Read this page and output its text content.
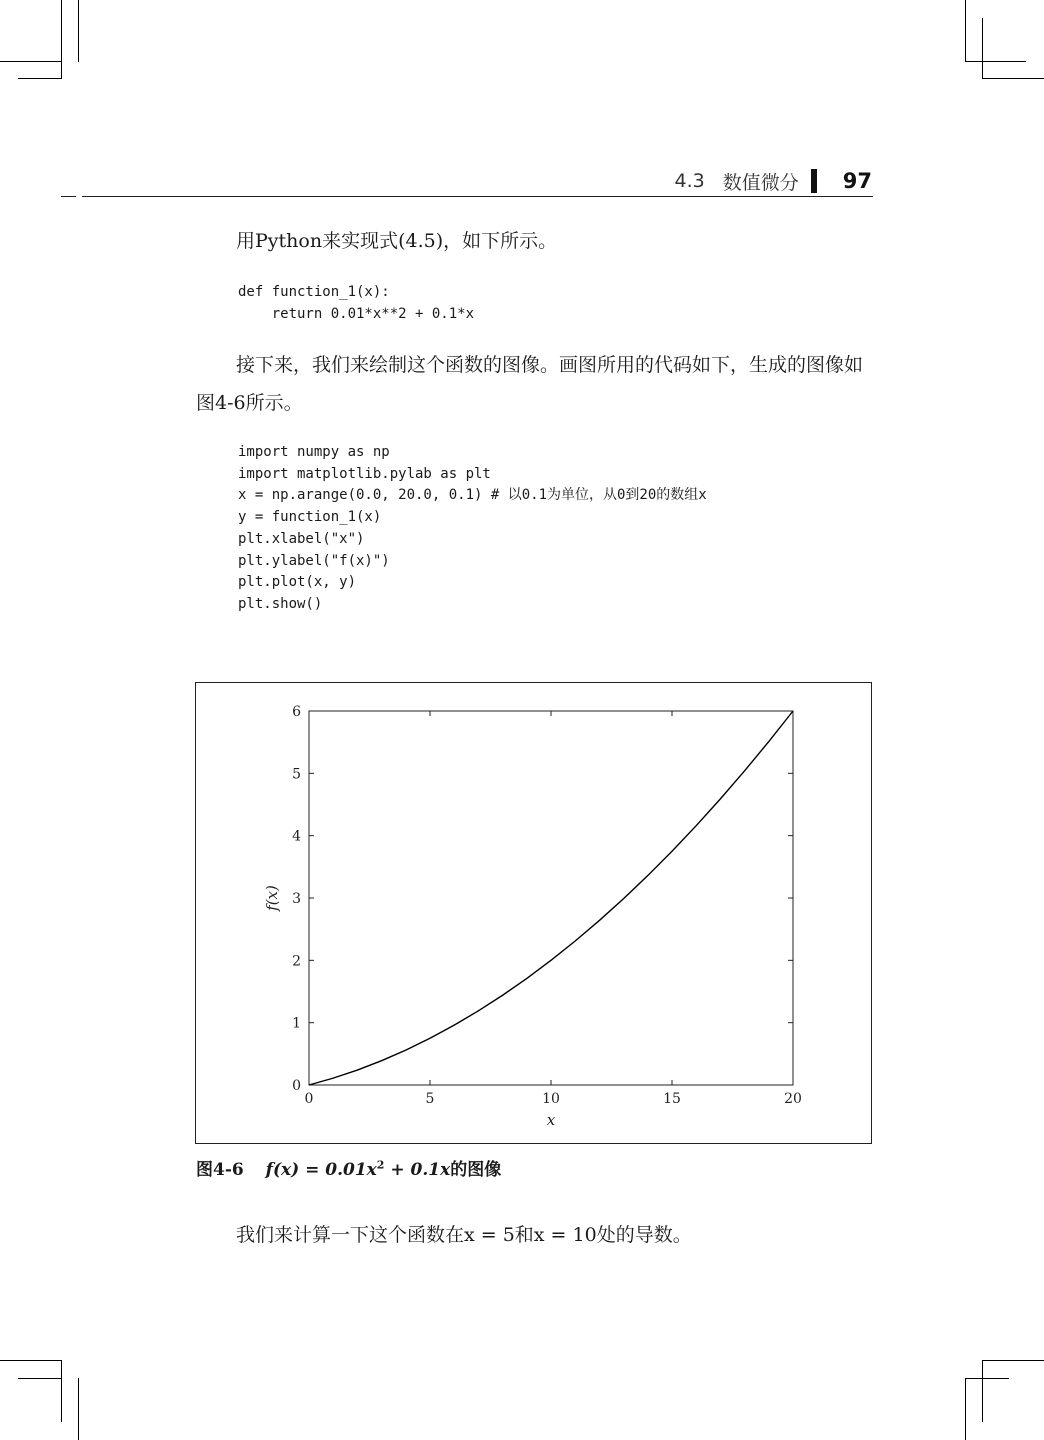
4.3 数值微分 97
用Python来实现式(4.5)，如下所示。
def function_1(x):
return 0.01*x**2 + 0.1*x
接下来，我们来绘制这个函数的图像。画图所用的代码如下，生成的图像如图4-6所示。
import numpy as np
import matplotlib.pylab as plt
x = np.arange(0.0, 20.0, 0.1) # 以0.1为单位，从0到20的数组x
y = function_1(x)
plt.xlabel("x")
plt.ylabel("f(x)")
plt.plot(x, y)
plt.show()
0	5	10	15	20
0
1
2
3
4
5
6
x
f(x)
图4-6 $f(x) = 0.01x^2 + 0.1x$的图像
我们来计算一下这个函数在x = 5和x = 10处的导数。
